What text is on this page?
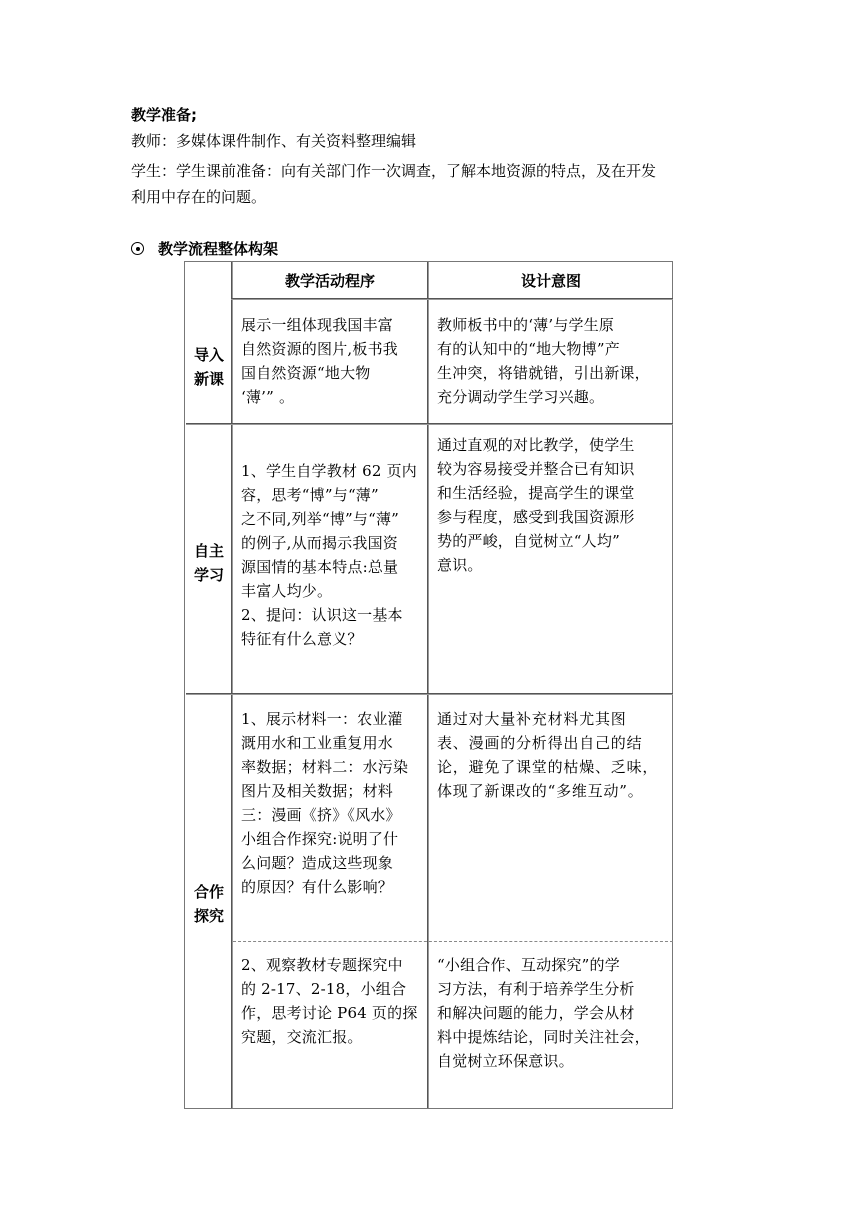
教学准备;
教师：多媒体课件制作、有关资料整理编辑
学生：学生课前准备：向有关部门作一次调查，了解本地资源的特点，及在开发
利用中存在的问题。
教学流程整体构架
教学活动程序	设计意图
导入
新课
展示一组体现我国丰富
自然资源的图片,板书我
国自然资源“地大物
‘薄’” 。
教师板书中的‘薄’与学生原
有的认知中的“地大物博”产
生冲突，将错就错，引出新课，
充分调动学生学习兴趣。
自主
学习
1、学生自学教材 62 页内
容，思考“博”与“薄”
之不同,列举“博”与“薄”
的例子,从而揭示我国资
源国情的基本特点:总量
丰富人均少。
2、提问：认识这一基本
特征有什么意义？
通过直观的对比教学，使学生
较为容易接受并整合已有知识
和生活经验，提高学生的课堂
参与程度，感受到我国资源形
势的严峻，自觉树立“人均”
意识。
合作
探究
1、展示材料一：农业灌
溉用水和工业重复用水
率数据；材料二：水污染
图片及相关数据；材料
三：漫画《挤》《风水》
小组合作探究:说明了什
么问题？造成这些现象
的原因？有什么影响？
通过对大量补充材料尤其图
表、漫画的分析得出自己的结
论，避免了课堂的枯燥、乏味，
体现了新课改的“多维互动”。
2、观察教材专题探究中
的 2-17、2-18，小组合
作，思考讨论 P64 页的探
究题，交流汇报。
“小组合作、互动探究”的学
习方法，有利于培养学生分析
和解决问题的能力，学会从材
料中提炼结论，同时关注社会，
自觉树立环保意识。
